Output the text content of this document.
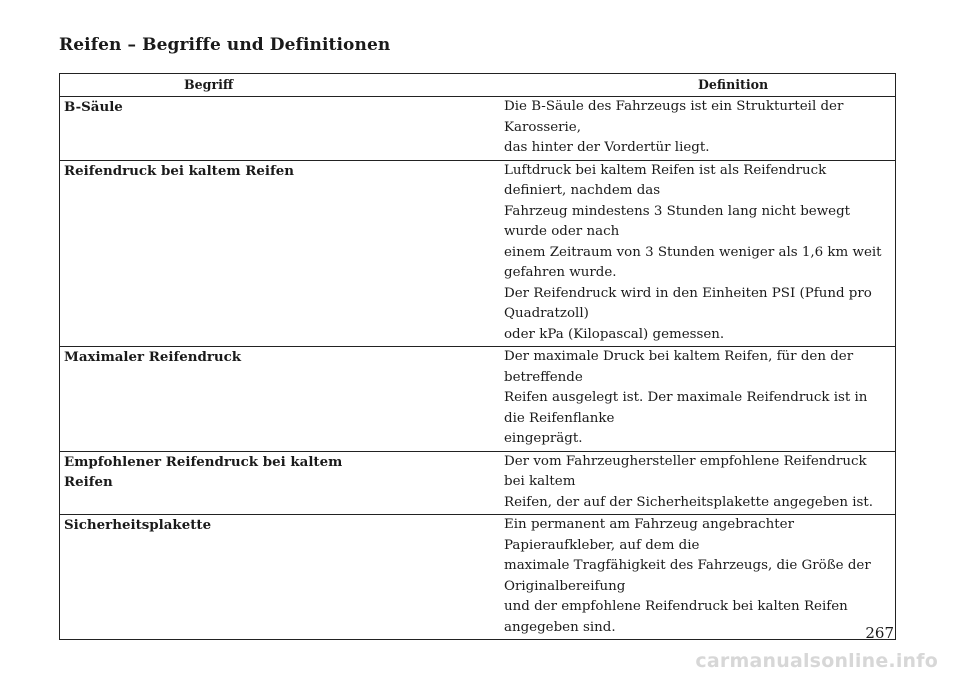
Reifen – Begriffe und Definitionen
Begriff	Definition
B-Säule	Die B-Säule des Fahrzeugs ist ein Strukturteil der Karosserie,
das hinter der Vordertür liegt.

Reifendruck bei kaltem Reifen	Luftdruck bei kaltem Reifen ist als Reifendruck definiert, nachdem das
Fahrzeug mindestens 3 Stunden lang nicht bewegt wurde oder nach
einem Zeitraum von 3 Stunden weniger als 1,6 km weit gefahren wurde.
Der Reifendruck wird in den Einheiten PSI (Pfund pro Quadratzoll)
oder kPa (Kilopascal) gemessen.

Maximaler Reifendruck	Der maximale Druck bei kaltem Reifen, für den der betreffende
Reifen ausgelegt ist. Der maximale Reifendruck ist in die Reifenflanke
eingeprägt.

Empfohlener Reifendruck bei kaltem
Reifen	Der vom Fahrzeughersteller empfohlene Reifendruck bei kaltem
Reifen, der auf der Sicherheitsplakette angegeben ist.

Sicherheitsplakette	Ein permanent am Fahrzeug angebrachter Papieraufkleber, auf dem die
maximale Tragfähigkeit des Fahrzeugs, die Größe der Originalbereifung
und der empfohlene Reifendruck bei kalten Reifen angegeben sind.	267
carmanualsonline.info
